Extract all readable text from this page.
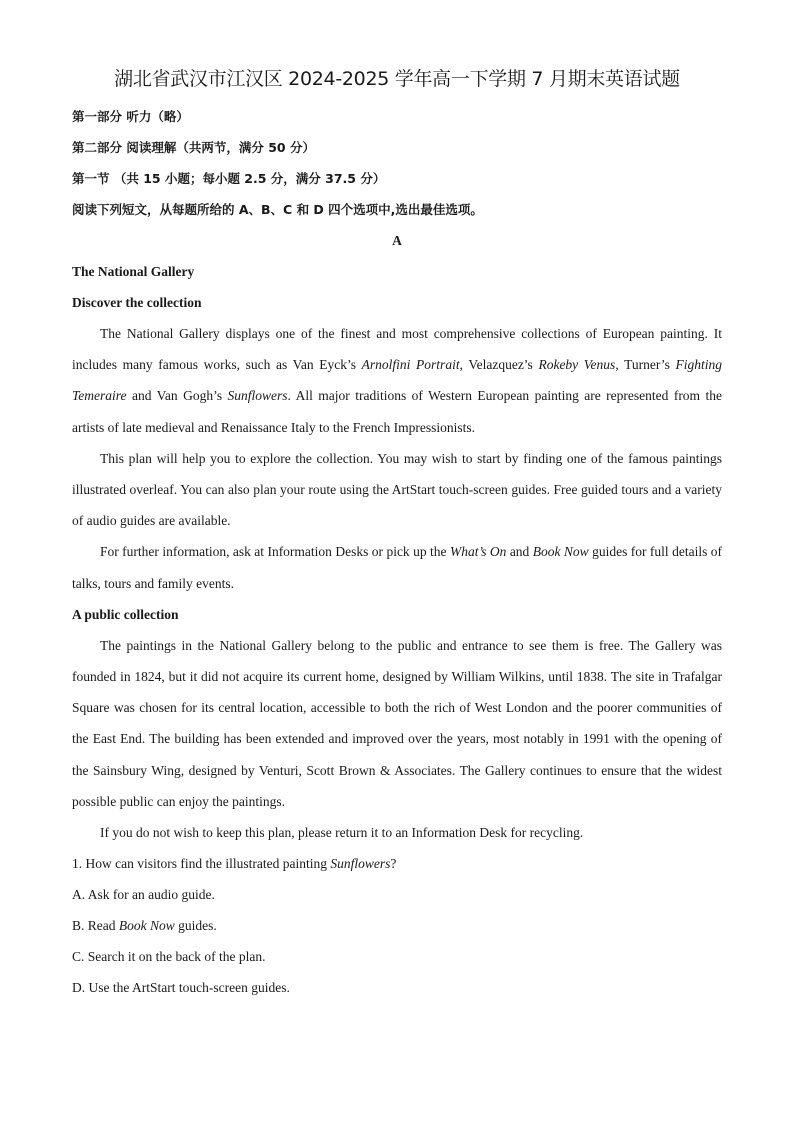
湖北省武汉市江汉区 2024-2025 学年高一下学期 7 月期末英语试题
第一部分 听力（略）
第二部分 阅读理解（共两节，满分 50 分）
第一节 （共 15 小题；每小题 2.5 分，满分 37.5 分）
阅读下列短文，从每题所给的 A、B、C 和 D 四个选项中,选出最佳选项。
A
The National Gallery
Discover the collection

The National Gallery displays one of the finest and most comprehensive collections of European painting. It includes many famous works, such as Van Eyck’s Arnolfini Portrait, Velazquez’s Rokeby Venus, Turner’s Fighting Temeraire and Van Gogh’s Sunflowers. All major traditions of Western European painting are represented from the artists of late medieval and Renaissance Italy to the French Impressionists.

This plan will help you to explore the collection. You may wish to start by finding one of the famous paintings illustrated overleaf. You can also plan your route using the ArtStart touch-screen guides. Free guided tours and a variety of audio guides are available.

For further information, ask at Information Desks or pick up the What’s On and Book Now guides for full details of talks, tours and family events.

A public collection

The paintings in the National Gallery belong to the public and entrance to see them is free. The Gallery was founded in 1824, but it did not acquire its current home, designed by William Wilkins, until 1838. The site in Trafalgar Square was chosen for its central location, accessible to both the rich of West London and the poorer communities of the East End. The building has been extended and improved over the years, most notably in 1991 with the opening of the Sainsbury Wing, designed by Venturi, Scott Brown & Associates. The Gallery continues to ensure that the widest possible public can enjoy the paintings.

If you do not wish to keep this plan, please return it to an Information Desk for recycling.

1. How can visitors find the illustrated painting Sunflowers?
A. Ask for an audio guide.
B. Read Book Now guides.
C. Search it on the back of the plan.
D. Use the ArtStart touch-screen guides.
